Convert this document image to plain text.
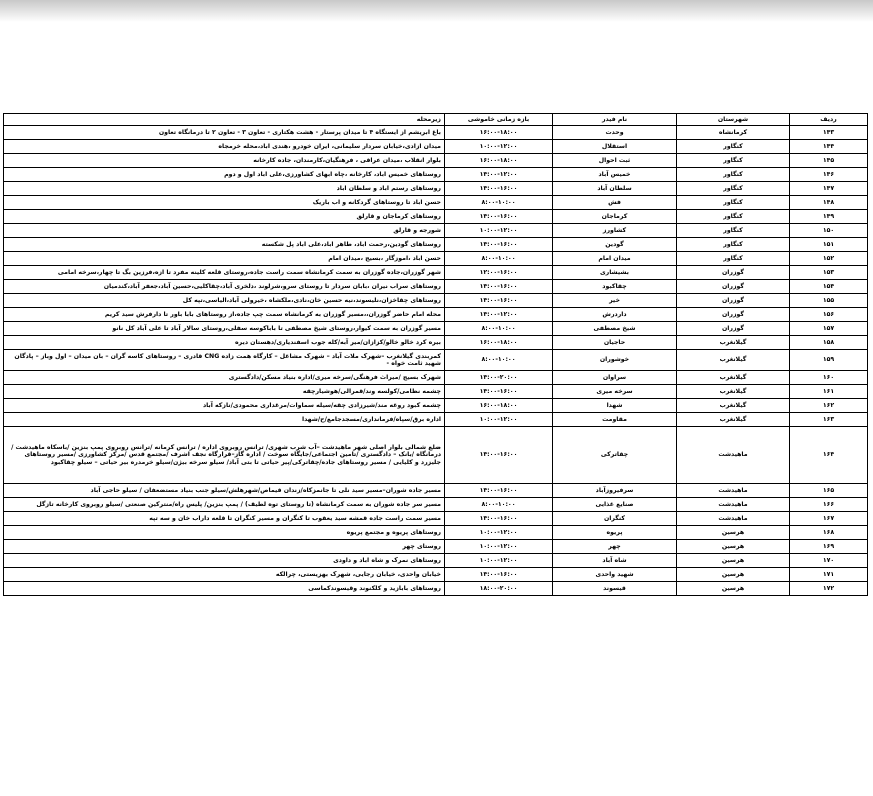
ردیف	شهرستان	نام فیدر	بازه زمانی خاموشی	زیرمحله
۱۴۳	کرمانشاه	وحدت	۱۶:۰۰-۱۸:۰۰	باغ ابریشم از ایستگاه ۴ تا میدان پرستار - هشت هکتاری - تعاون ۳ - تعاون ۲ تا درمانگاه تعاون
۱۴۴	کنگاور	استقلال	۱۰:۰۰-۱۲:۰۰	میدان ازادی،خیابان سردار سلیمانی، ایران خودرو ،هندی اباد،محله خرمجاه
۱۴۵	کنگاور	ثبت احوال	۱۶:۰۰-۱۸:۰۰	بلوار انقلاب ،میدان عراقی ، فرهنگیان،کارمندان، جاده کارخانه
۱۴۶	کنگاور	خمیس آباد	۱۴:۰۰-۱۲:۰۰	روستاهای خمیس اباد، کارخانه ،چاه ابهای کشاورزی،علی اباد اول و دوم
۱۴۷	کنگاور	سلطان آباد	۱۴:۰۰-۱۶:۰۰	روستاهای رستم اباد و سلطان اباد
۱۴۸	کنگاور	فش	۸:۰۰-۱۰:۰۰	حسن اباد تا روستاهای گردکانه و اب باریک
۱۴۹	کنگاور	کرماجان	۱۴:۰۰-۱۶:۰۰	روستاهای کرماجان و قارلق
۱۵۰	کنگاور	کشاورز	۱۰:۰۰-۱۲:۰۰	شورجه و قارلق
۱۵۱	کنگاور	گودین	۱۴:۰۰-۱۶:۰۰	روستاهای گودین،رحمت اباد، طاهر اباد،علی اباد پل شکسته
۱۵۲	کنگاور	میدان امام	۸:۰۰-۱۰:۰۰	حسن اباد ،اموزگار ،بسیج ،میدان امام
۱۵۳	گوزران	بشیشاری	۱۲:۰۰-۱۶:۰۰	شهر گوزران،جاده گوزران به سمت کرمانشاه سمت راست جاده،روستای قلعه کلینه مفرد تا ازه،فرزین بگ تا چهار،سرخه امامی
۱۵۴	گوزران	چقاکبود	۱۴:۰۰-۱۶:۰۰	روستاهای سراب نیران ،بابان سردار تا روستای سرو،شرلوند ،دلخری آباد،چقاکلیی،حسین آباد،جعفر آباد،کندمیان
۱۵۵	گوزران	خیر	۱۴:۰۰-۱۶:۰۰	روستاهای چقاخزان،نلیسوند،نیه حسین خان،نادی،ملکشاه ،خیرولی آباد،الیاسی،تپه کل
۱۵۶	گوزران	داردرش	۱۴:۰۰-۱۲:۰۰	محله امام حاضر گوزران،،مسیر گوزران به کرمانشاه سمت چپ جاده،از روستاهای بابا باور تا دارفرش سید کریم
۱۵۷	گوزران	شیخ مصطفی	۸:۰۰-۱۰:۰۰	مسیر گوزران به سمت کیوار،روستای شیخ مصطفی تا باباکوسه سفلی،روستای سالار آباد تا علی آباد کل نانو
۱۵۸	گیلانغرب	حاجیان	۱۶:۰۰-۱۸:۰۰	بیره کرد خالو خالو/کزازان/میر آبه/کله جوب اسفندیاری/دهستان دیره
۱۵۹	گیلانغرب	خوشوران	۸:۰۰-۱۰:۰۰	کمربندی گیلانغرب –شهرک ملات آباد – شهرک مشاغل – کارگاه همت زاده CNG قادری – روستاهای کاسه گران – بان میدان – اول وباز – پادگان شهید ثامت خواه -
۱۶۰	گیلانغرب	سراوان	۱۴:۰۰-۲۰:۰۰	شهرک بسیج /میراث فرهنگی/سرخه میری/اداره بنیاد مسکن/دادگستری
۱۶۱	گیلانغرب	سرخه میری	۱۴:۰۰-۱۶:۰۰	چشمه نظامی/کولسه وند/قمرالی/هوشیارچقه
۱۶۲	گیلانغرب	شهدا	۱۶:۰۰-۱۸:۰۰	چشمه کبود روغه مند/شیرزادی چقه/سیله سماوات/مرغداری محمودی/نازکه آباد
۱۶۳	گیلانغرب	مقاومت	۱۰:۰۰-۱۲:۰۰	اداره برق/سپاه/فرمانداری/مسجدجامع/ح/شهدا
۱۶۴	ماهیدشت	چقاترکی	۱۴:۰۰-۱۶:۰۰	ضلع شمالی بلوار اصلی شهر ماهیدشت –آب شرب شهری/ ترانس روبروی اداره / ترانس کرمانه /ترانس روبروی پمپ بنزین /باسکاه ماهیدشت /درمانگاه /بانک – دادگستری /تامین اجتماعی/جایگاه سوخت / اداره گاز–قرارگاه نجف اشرف /مجتمع قدس /مرکز کشاورزی /مسیر روستاهای جلیزرد و کلیایی / مسیر روستاهای جاده/چقاترکی/پیر حیاتی تا بتی آباد/ سیلو سرخه بیژن/سیلو خرمدره بیر حیاتی – سیلو چقاکبود
۱۶۵	ماهیدشت	سرفیروزآباد	۱۴:۰۰-۱۶:۰۰	مسیر جاده شوران–مسیر سید نلی تا جانمزکاه/زندان قیماص/شهرهلش/سیلو جنب بنیاد مستضعفان / سیلو حاجی آباد
۱۶۶	ماهیدشت	صنایع غذایی	۸:۰۰-۱۰:۰۰	مسیر سر جاده شوران به سمت کرمانشاه (تا روستای توه لطیف) / پمپ بنزین/ پلیس راه/منترکین صنعتی /سیلو روبروی کارخانه تازگل
۱۶۷	ماهیدشت	کنگران	۱۴:۰۰-۱۶:۰۰	مسیر سمت راست جاده قمشه سید یعقوب تا کنگران و مسیر کنگران تا قلعه داراب خان و سه تپه
۱۶۸	هرسین	پریوه	۱۰:۰۰-۱۲:۰۰	روستاهای پریوه و مجتمع پریوه
۱۶۹	هرسین	چهر	۱۰:۰۰-۱۲:۰۰	روستای چهر
۱۷۰	هرسین	شاه آباد	۱۰:۰۰-۱۲:۰۰	روستاهای نمرک و شاه اباد و داودی
۱۷۱	هرسین	شهید واحدی	۱۴:۰۰-۱۶:۰۰	خیابان واحدی، خیابان رجایی، شهرک بهزیستی، چرالکه
۱۷۲	هرسین	قیسوند	۱۸:۰۰-۲۰:۰۰	روستاهای بابازید و کلکنوند وقیسوندکماسی
